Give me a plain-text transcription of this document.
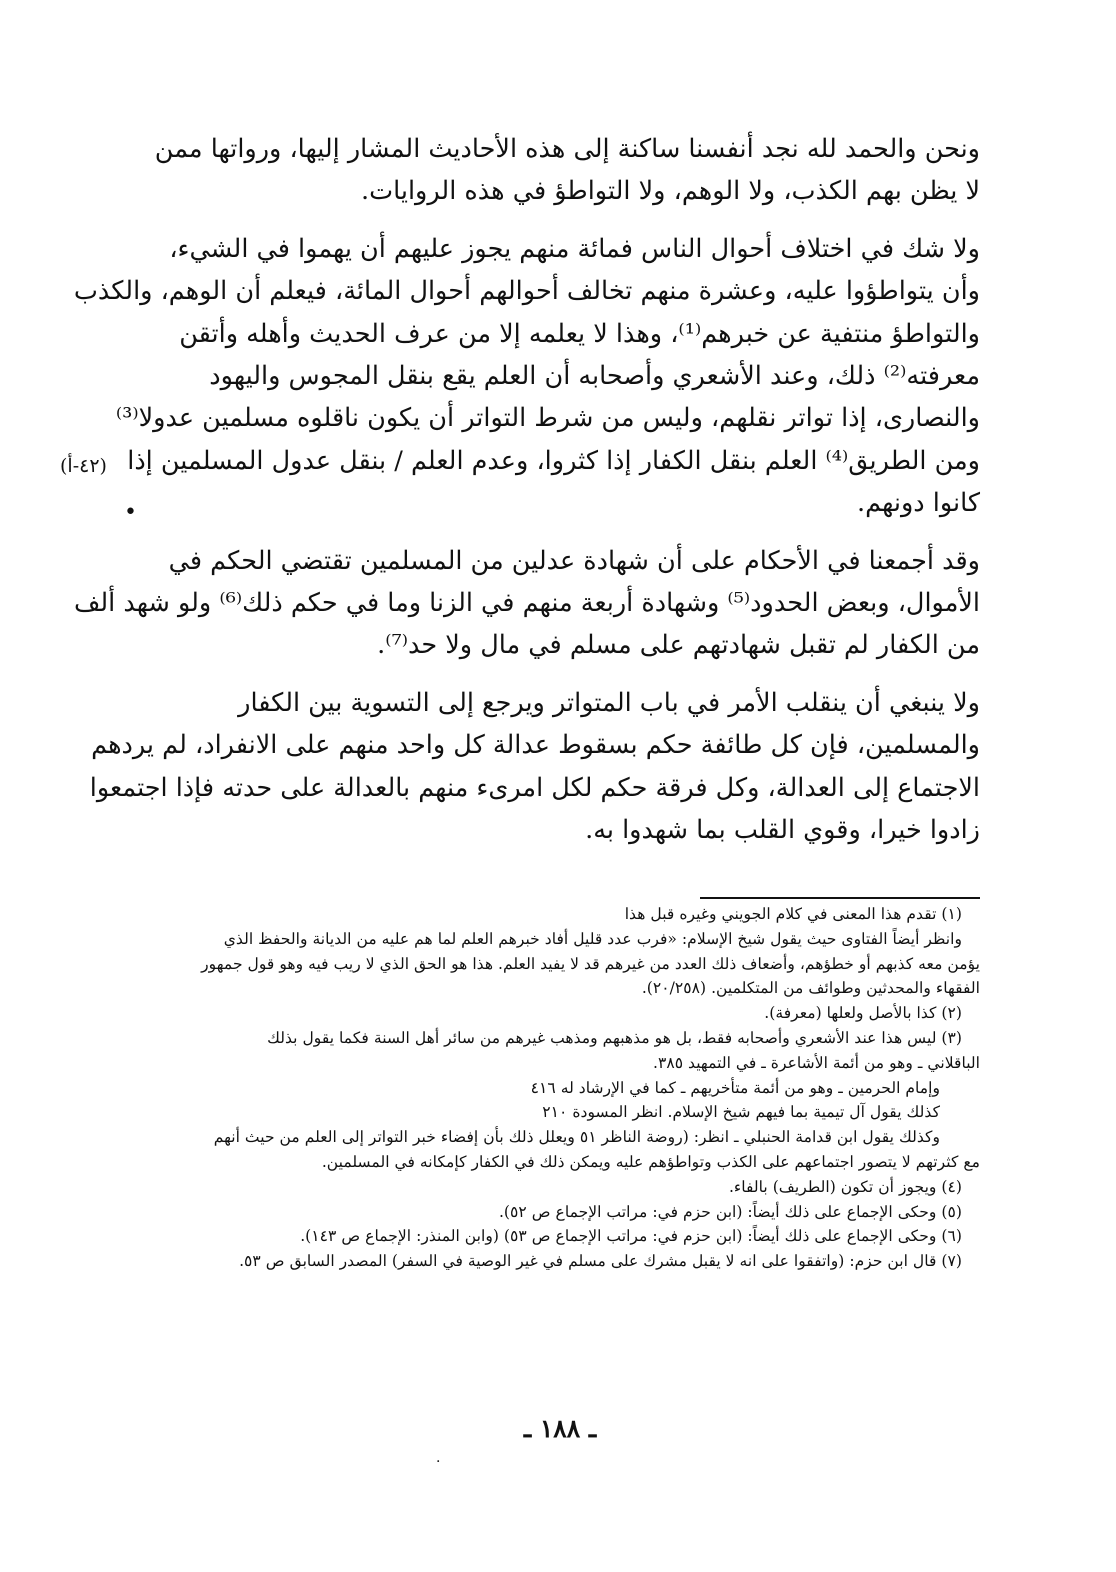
ونحن والحمد لله نجد أنفسنا ساكنة إلى هذه الأحاديث المشار إليها، ورواتها ممن
لا يظن بهم الكذب، ولا الوهم، ولا التواطؤ في هذه الروايات.

ولا شك في اختلاف أحوال الناس فمائة منهم يجوز عليهم أن يهموا في الشيء،
وأن يتواطؤوا عليه، وعشرة منهم تخالف أحوالهم أحوال المائة، فيعلم أن الوهم، والكذب
والتواطؤ منتفية عن خبرهم⁽¹⁾، وهذا لا يعلمه إلا من عرف الحديث وأهله وأتقن
معرفته⁽²⁾ ذلك، وعند الأشعري وأصحابه أن العلم يقع بنقل المجوس واليهود
والنصارى، إذا تواتر نقلهم، وليس من شرط التواتر أن يكون ناقلوه مسلمين عدولا⁽³⁾
ومن الطريق⁽⁴⁾ العلم بنقل الكفار إذا كثروا، وعدم العلم / بنقل عدول المسلمين إذا
كانوا دونهم.

وقد أجمعنا في الأحكام على أن شهادة عدلين من المسلمين تقتضي الحكم في
الأموال، وبعض الحدود⁽⁵⁾ وشهادة أربعة منهم في الزنا وما في حكم ذلك⁽⁶⁾ ولو شهد ألف
من الكفار لم تقبل شهادتهم على مسلم في مال ولا حد⁽⁷⁾.

ولا ينبغي أن ينقلب الأمر في باب المتواتر ويرجع إلى التسوية بين الكفار
والمسلمين، فإن كل طائفة حكم بسقوط عدالة كل واحد منهم على الانفراد، لم يردهم
الاجتماع إلى العدالة، وكل فرقة حكم لكل امرىء منهم بالعدالة على حدته فإذا اجتمعوا
زادوا خيرا، وقوي القلب بما شهدوا به.

(٤٢-أ)
•
(١) تقدم هذا المعنى في كلام الجويني وغيره قبل هذا
وانظر أيضاً الفتاوى حيث يقول شيخ الإسلام: «فرب عدد قليل أفاد خبرهم العلم لما هم عليه من الديانة والحفظ الذي
يؤمن معه كذبهم أو خطؤهم، وأضعاف ذلك العدد من غيرهم قد لا يفيد العلم. هذا هو الحق الذي لا ريب فيه وهو قول جمهور
الفقهاء والمحدثين وطوائف من المتكلمين. (٢٠/٢٥٨).
(٢) كذا بالأصل ولعلها (معرفة).
(٣) ليس هذا عند الأشعري وأصحابه فقط، بل هو مذهبهم ومذهب غيرهم من سائر أهل السنة فكما يقول بذلك
الباقلاني ـ وهو من أئمة الأشاعرة ـ في التمهيد ٣٨٥.
وإمام الحرمين ـ وهو من أئمة متأخريهم ـ كما في الإرشاد له ٤١٦
كذلك يقول آل تيمية بما فيهم شيخ الإسلام. انظر المسودة ٢١٠
وكذلك يقول ابن قدامة الحنبلي ـ انظر: (روضة الناظر ٥١ ويعلل ذلك بأن إفضاء خبر التواتر إلى العلم من حيث أنهم
مع كثرتهم لا يتصور اجتماعهم على الكذب وتواطؤهم عليه ويمكن ذلك في الكفار كإمكانه في المسلمين.
(٤) ويجوز أن تكون (الطريف) بالفاء.
(٥) وحكى الإجماع على ذلك أيضاً: (ابن حزم في: مراتب الإجماع ص ٥٢).
(٦) وحكى الإجماع على ذلك أيضاً: (ابن حزم في: مراتب الإجماع ص ٥٣) (وابن المنذر: الإجماع ص ١٤٣).
(٧) قال ابن حزم: (واتفقوا على انه لا يقبل مشرك على مسلم في غير الوصية في السفر) المصدر السابق ص ٥٣.
ـ ١٨٨ ـ
·
